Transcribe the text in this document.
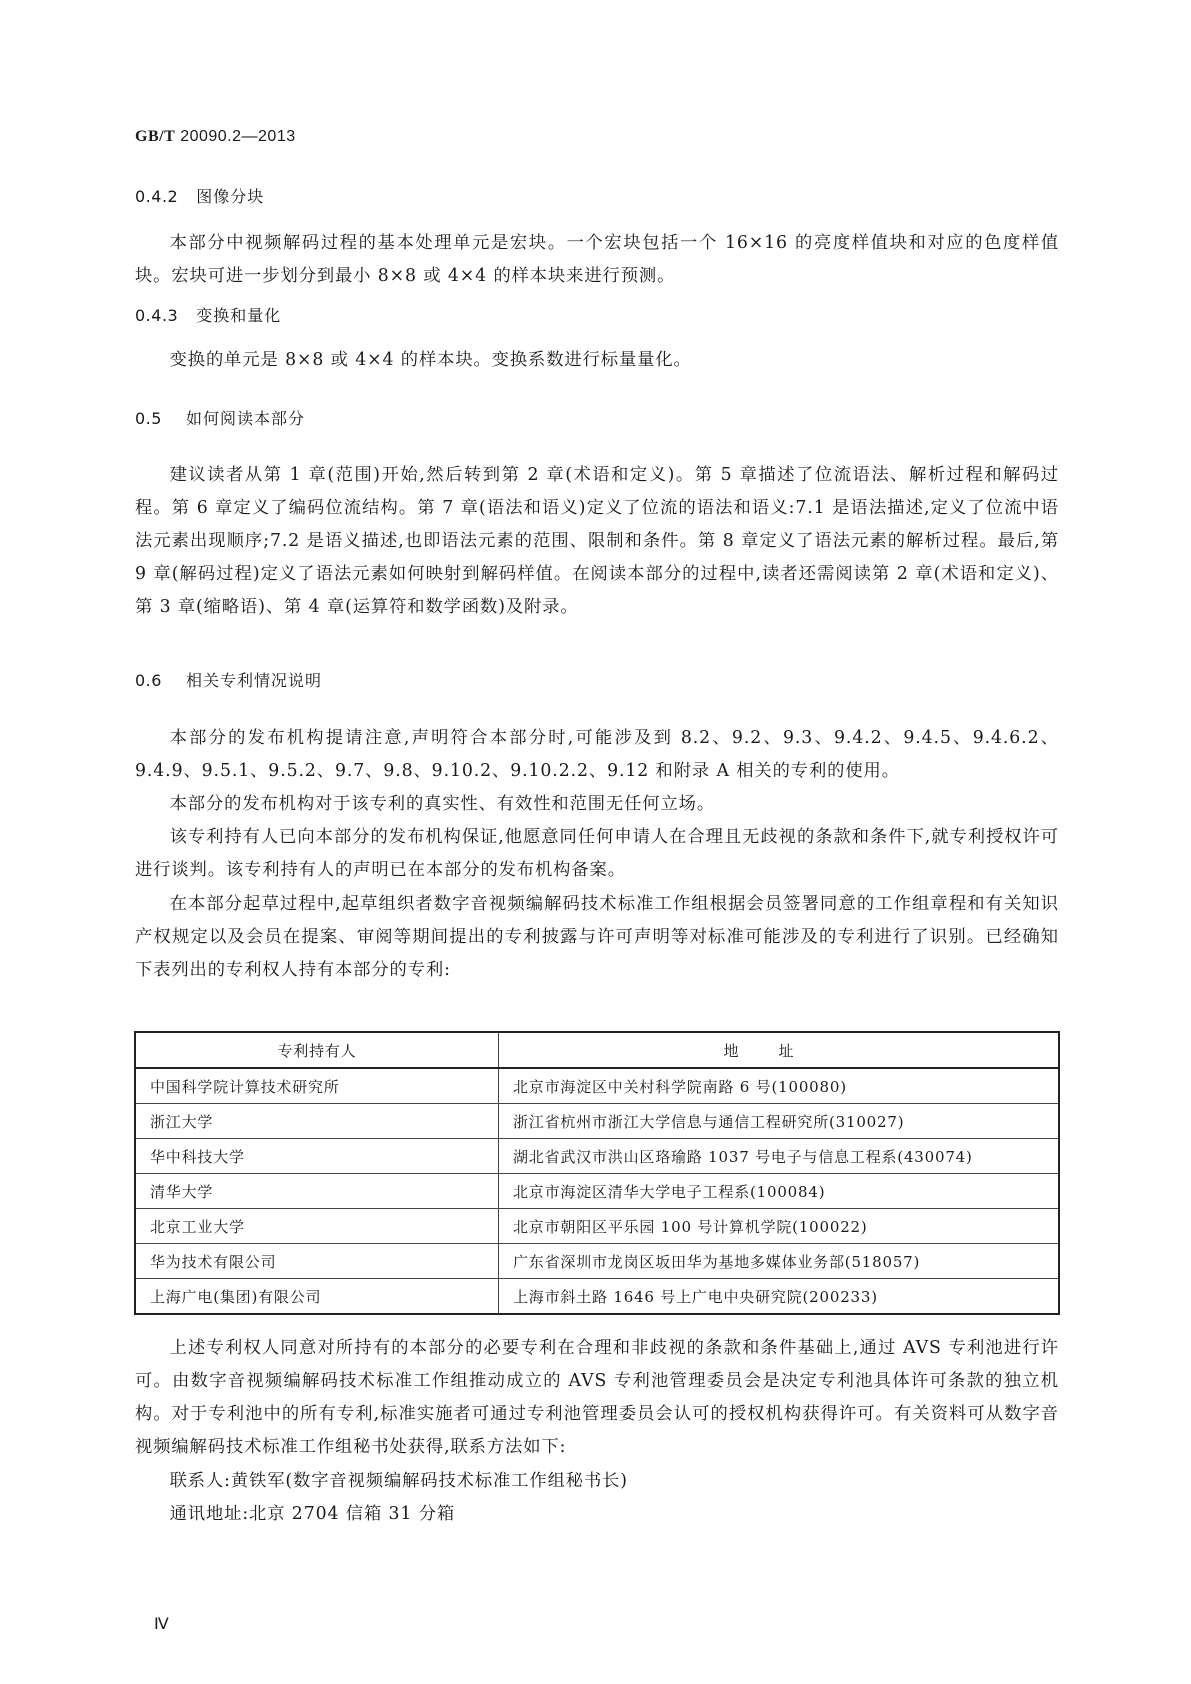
GB/T 20090.2—2013
0.4.2 图像分块
本部分中视频解码过程的基本处理单元是宏块。一个宏块包括一个 16×16 的亮度样值块和对应的色度样值块。宏块可进一步划分到最小 8×8 或 4×4 的样本块来进行预测。
0.4.3 变换和量化
变换的单元是 8×8 或 4×4 的样本块。变换系数进行标量量化。
0.5 如何阅读本部分
建议读者从第 1 章(范围)开始,然后转到第 2 章(术语和定义)。第 5 章描述了位流语法、解析过程和解码过程。第 6 章定义了编码位流结构。第 7 章(语法和语义)定义了位流的语法和语义:7.1 是语法描述,定义了位流中语法元素出现顺序;7.2 是语义描述,也即语法元素的范围、限制和条件。第 8 章定义了语法元素的解析过程。最后,第 9 章(解码过程)定义了语法元素如何映射到解码样值。在阅读本部分的过程中,读者还需阅读第 2 章(术语和定义)、第 3 章(缩略语)、第 4 章(运算符和数学函数)及附录。
0.6 相关专利情况说明
本部分的发布机构提请注意,声明符合本部分时,可能涉及到 8.2、9.2、9.3、9.4.2、9.4.5、9.4.6.2、9.4.9、9.5.1、9.5.2、9.7、9.8、9.10.2、9.10.2.2、9.12 和附录 A 相关的专利的使用。
本部分的发布机构对于该专利的真实性、有效性和范围无任何立场。
该专利持有人已向本部分的发布机构保证,他愿意同任何申请人在合理且无歧视的条款和条件下,就专利授权许可进行谈判。该专利持有人的声明已在本部分的发布机构备案。
在本部分起草过程中,起草组织者数字音视频编解码技术标准工作组根据会员签署同意的工作组章程和有关知识产权规定以及会员在提案、审阅等期间提出的专利披露与许可声明等对标准可能涉及的专利进行了识别。已经确知下表列出的专利权人持有本部分的专利:
专利持有人	地址
中国科学院计算技术研究所	北京市海淀区中关村科学院南路 6 号(100080)
浙江大学	浙江省杭州市浙江大学信息与通信工程研究所(310027)
华中科技大学	湖北省武汉市洪山区珞瑜路 1037 号电子与信息工程系(430074)
清华大学	北京市海淀区清华大学电子工程系(100084)
北京工业大学	北京市朝阳区平乐园 100 号计算机学院(100022)
华为技术有限公司	广东省深圳市龙岗区坂田华为基地多媒体业务部(518057)
上海广电(集团)有限公司	上海市斜土路 1646 号上广电中央研究院(200233)
上述专利权人同意对所持有的本部分的必要专利在合理和非歧视的条款和条件基础上,通过 AVS 专利池进行许可。由数字音视频编解码技术标准工作组推动成立的 AVS 专利池管理委员会是决定专利池具体许可条款的独立机构。对于专利池中的所有专利,标准实施者可通过专利池管理委员会认可的授权机构获得许可。有关资料可从数字音视频编解码技术标准工作组秘书处获得,联系方法如下:
联系人:黄铁军(数字音视频编解码技术标准工作组秘书长)
通讯地址:北京 2704 信箱 31 分箱
Ⅳ
